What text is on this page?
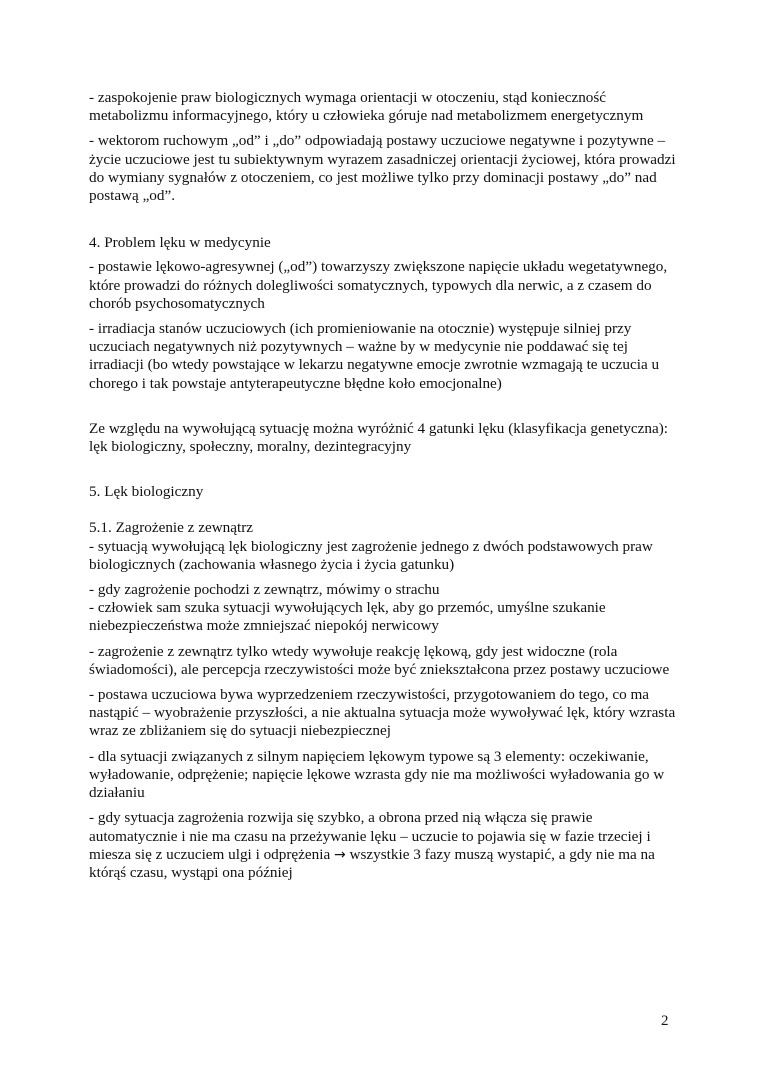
- zaspokojenie praw biologicznych wymaga orientacji w otoczeniu, stąd konieczność metabolizmu informacyjnego, który u człowieka góruje nad metabolizmem energetycznym

- wektorom ruchowym „od” i „do” odpowiadają postawy uczuciowe negatywne i pozytywne – życie uczuciowe jest tu subiektywnym wyrazem zasadniczej orientacji życiowej, która prowadzi do wymiany sygnałów z otoczeniem, co jest możliwe tylko przy dominacji postawy „do” nad postawą „od”.

4. Problem lęku w medycynie

- postawie lękowo-agresywnej („od”) towarzyszy zwiększone napięcie układu wegetatywnego, które prowadzi do różnych dolegliwości somatycznych, typowych dla nerwic, a z czasem do chorób psychosomatycznych

- irradiacja stanów uczuciowych (ich promieniowanie na otocznie) występuje silniej przy uczuciach negatywnych niż pozytywnych – ważne by w medycynie nie poddawać się tej irradiacji (bo wtedy powstające w lekarzu negatywne emocje zwrotnie wzmagają te uczucia u chorego i tak powstaje antyterapeutyczne błędne koło emocjonalne)

Ze względu na wywołującą sytuację można wyróżnić 4 gatunki lęku (klasyfikacja genetyczna): lęk biologiczny, społeczny, moralny, dezintegracyjny

5. Lęk biologiczny

5.1. Zagrożenie z zewnątrz

- sytuacją wywołującą lęk biologiczny jest zagrożenie jednego z dwóch podstawowych praw biologicznych (zachowania własnego życia i życia gatunku)

- gdy zagrożenie pochodzi z zewnątrz, mówimy o strachu

- człowiek sam szuka sytuacji wywołujących lęk, aby go przemóc, umyślne szukanie niebezpieczeństwa może zmniejszać niepokój nerwicowy

- zagrożenie z zewnątrz tylko wtedy wywołuje reakcję lękową, gdy jest widoczne (rola świadomości), ale percepcja rzeczywistości może być zniekształcona przez postawy uczuciowe

- postawa uczuciowa bywa wyprzedzeniem rzeczywistości, przygotowaniem do tego, co ma nastąpić – wyobrażenie przyszłości, a nie aktualna sytuacja może wywoływać lęk, który wzrasta wraz ze zbliżaniem się do sytuacji niebezpiecznej

- dla sytuacji związanych z silnym napięciem lękowym typowe są 3 elementy: oczekiwanie, wyładowanie, odprężenie; napięcie lękowe wzrasta gdy nie ma możliwości wyładowania go w działaniu

- gdy sytuacja zagrożenia rozwija się szybko, a obrona przed nią włącza się prawie automatycznie i nie ma czasu na przeżywanie lęku – uczucie to pojawia się w fazie trzeciej i miesza się z uczuciem ulgi i odprężenia → wszystkie 3 fazy muszą wystapić, a gdy nie ma na którąś czasu, wystąpi ona później

2
